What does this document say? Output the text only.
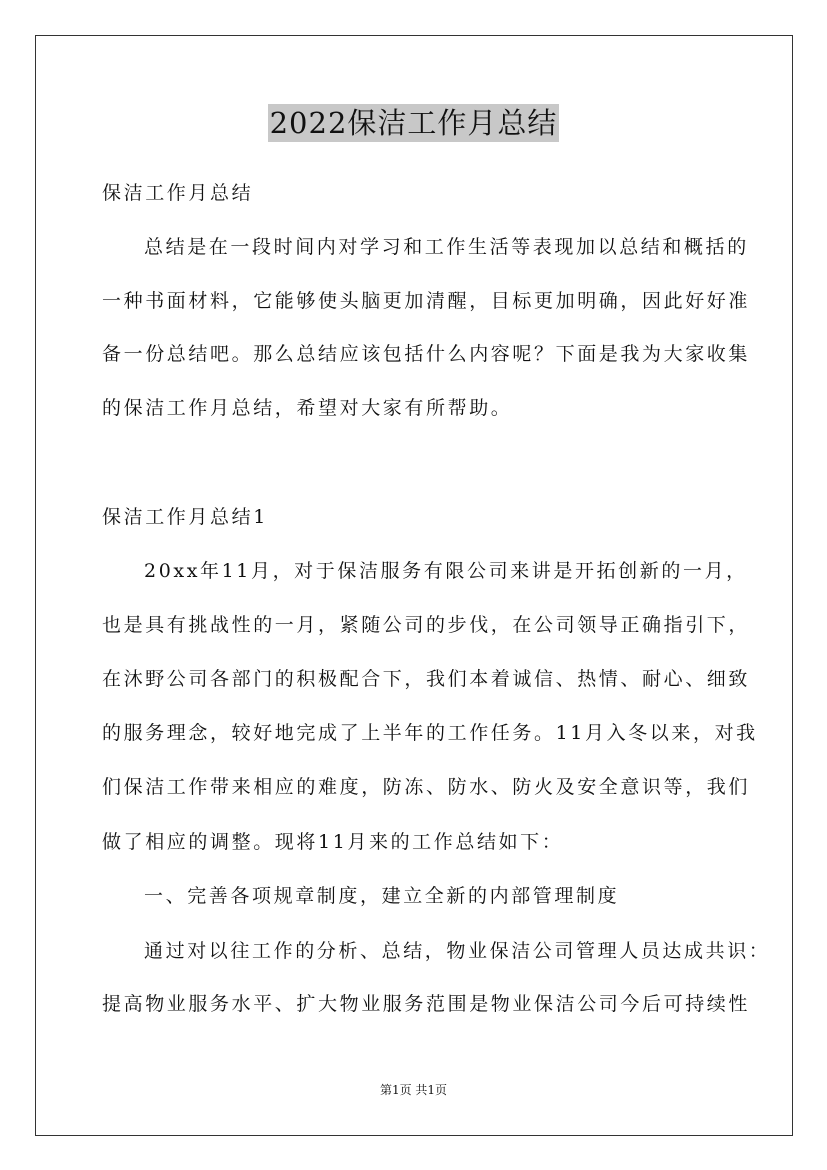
2022保洁工作月总结
保洁工作月总结
总结是在一段时间内对学习和工作生活等表现加以总结和概括的
一种书面材料，它能够使头脑更加清醒，目标更加明确，因此好好准
备一份总结吧。那么总结应该包括什么内容呢？下面是我为大家收集
的保洁工作月总结，希望对大家有所帮助。
保洁工作月总结1
20xx年11月，对于保洁服务有限公司来讲是开拓创新的一月，
也是具有挑战性的一月，紧随公司的步伐，在公司领导正确指引下，
在沐野公司各部门的积极配合下，我们本着诚信、热情、耐心、细致
的服务理念，较好地完成了上半年的工作任务。11月入冬以来，对我
们保洁工作带来相应的难度，防冻、防水、防火及安全意识等，我们
做了相应的调整。现将11月来的工作总结如下：
一、完善各项规章制度，建立全新的内部管理制度
通过对以往工作的分析、总结，物业保洁公司管理人员达成共识：
提高物业服务水平、扩大物业服务范围是物业保洁公司今后可持续性
第1页 共1页
